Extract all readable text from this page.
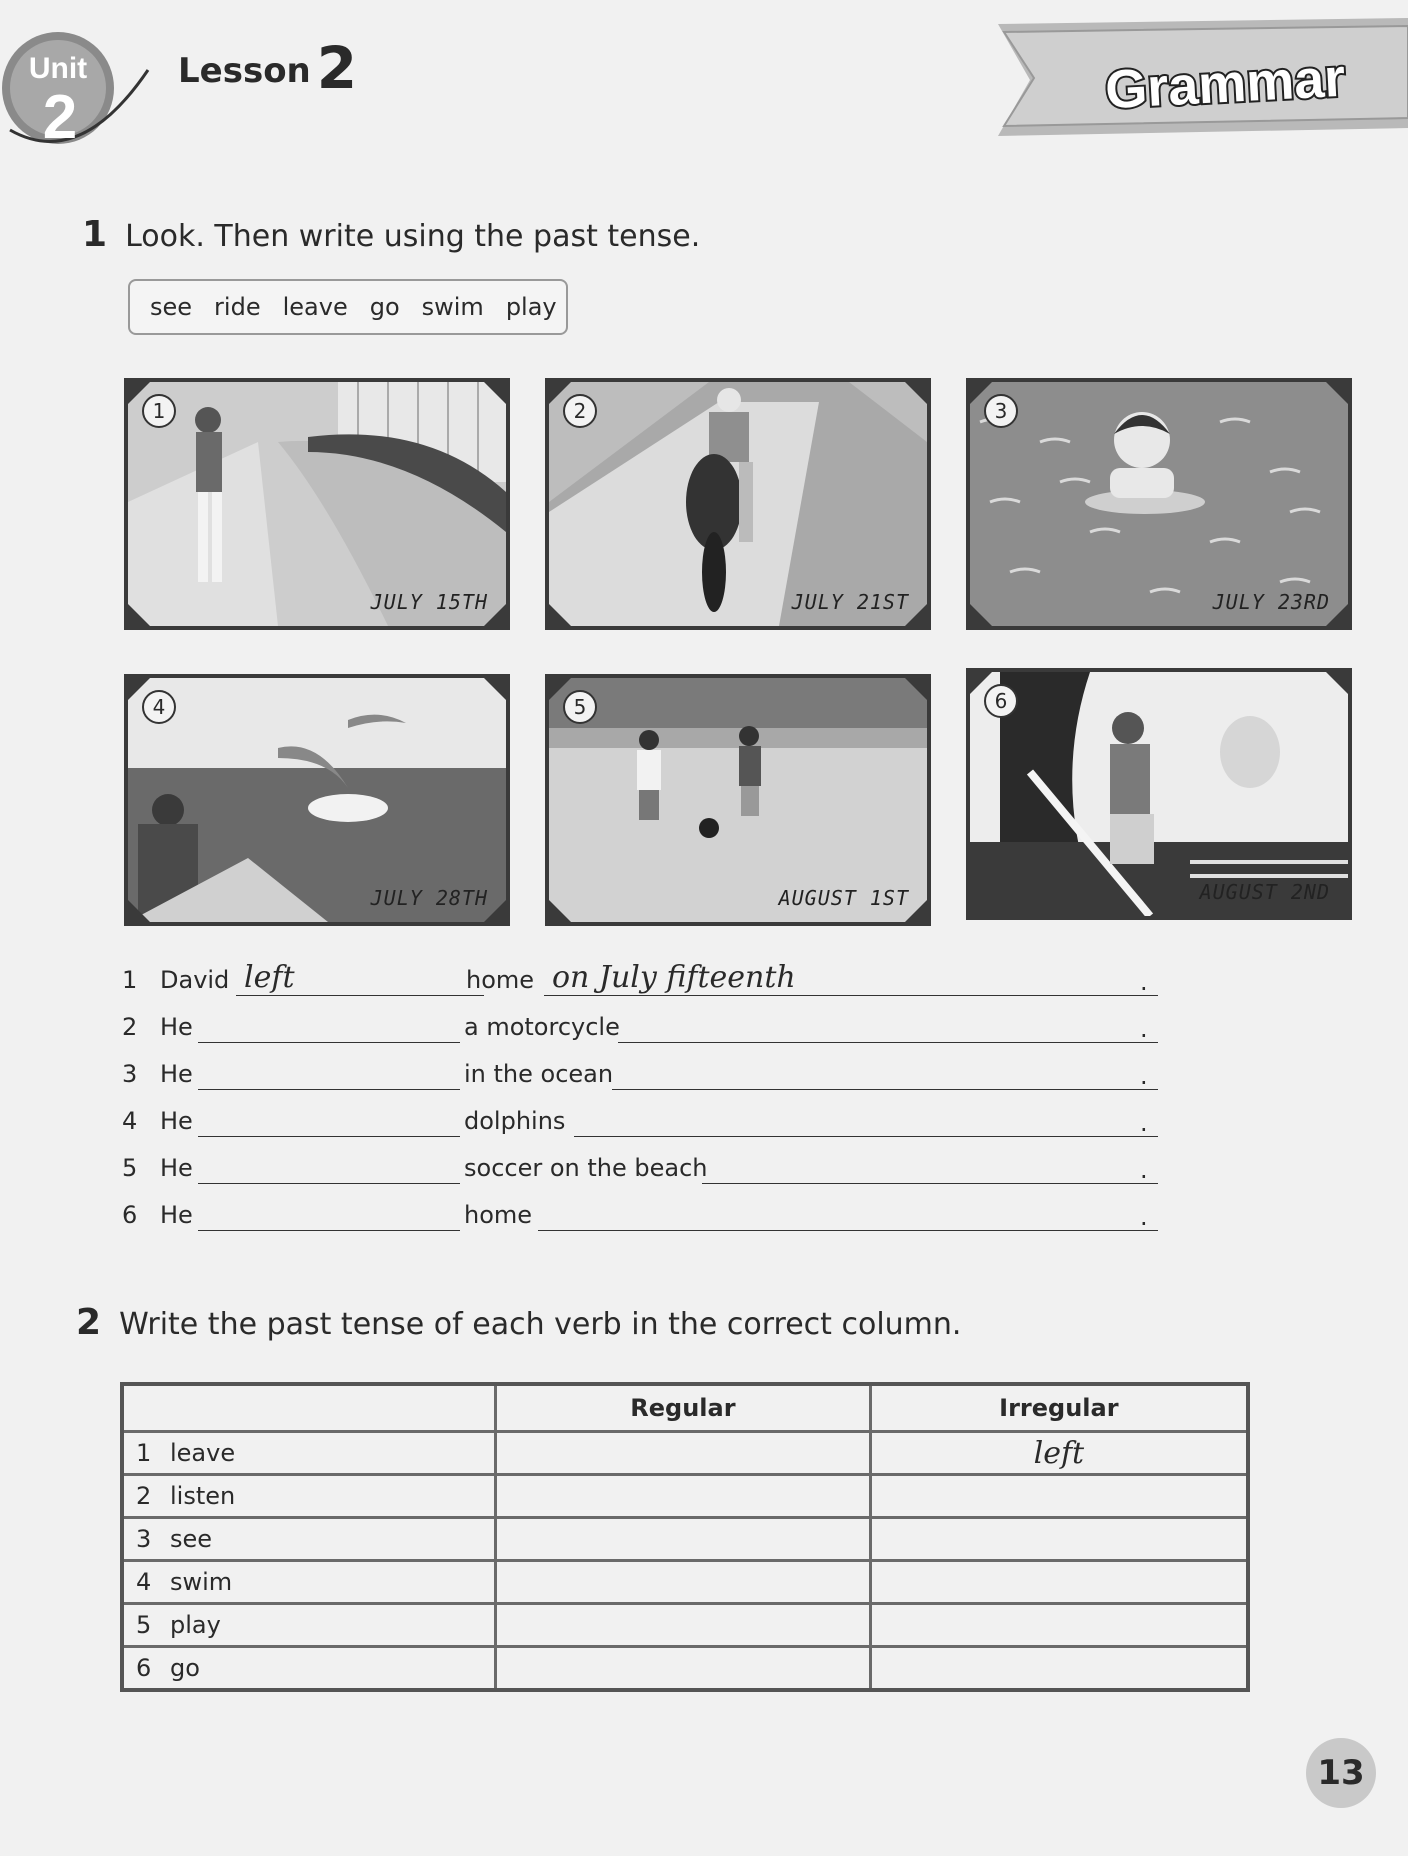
Unit
2
Lesson 2	Grammar
1 Look. Then write using the past tense.
see ride leave go swim play
1
JULY 15TH
2
JULY 21ST
3
JULY 23RD
4
JULY 28TH
5
AUGUST 1ST
6
AUGUST 2ND
1 David left	home on July fifteenth	.
2 He	a motorcycle	.
3 He	in the ocean	.
4 He	dolphins	.
5 He	soccer on the beach	.
6 He	home	.
2 Write the past tense of each verb in the correct column.
	Regular	Irregular
1 leave		left
2 listen		
3 see		
4 swim		
5 play		
6 go		
13
